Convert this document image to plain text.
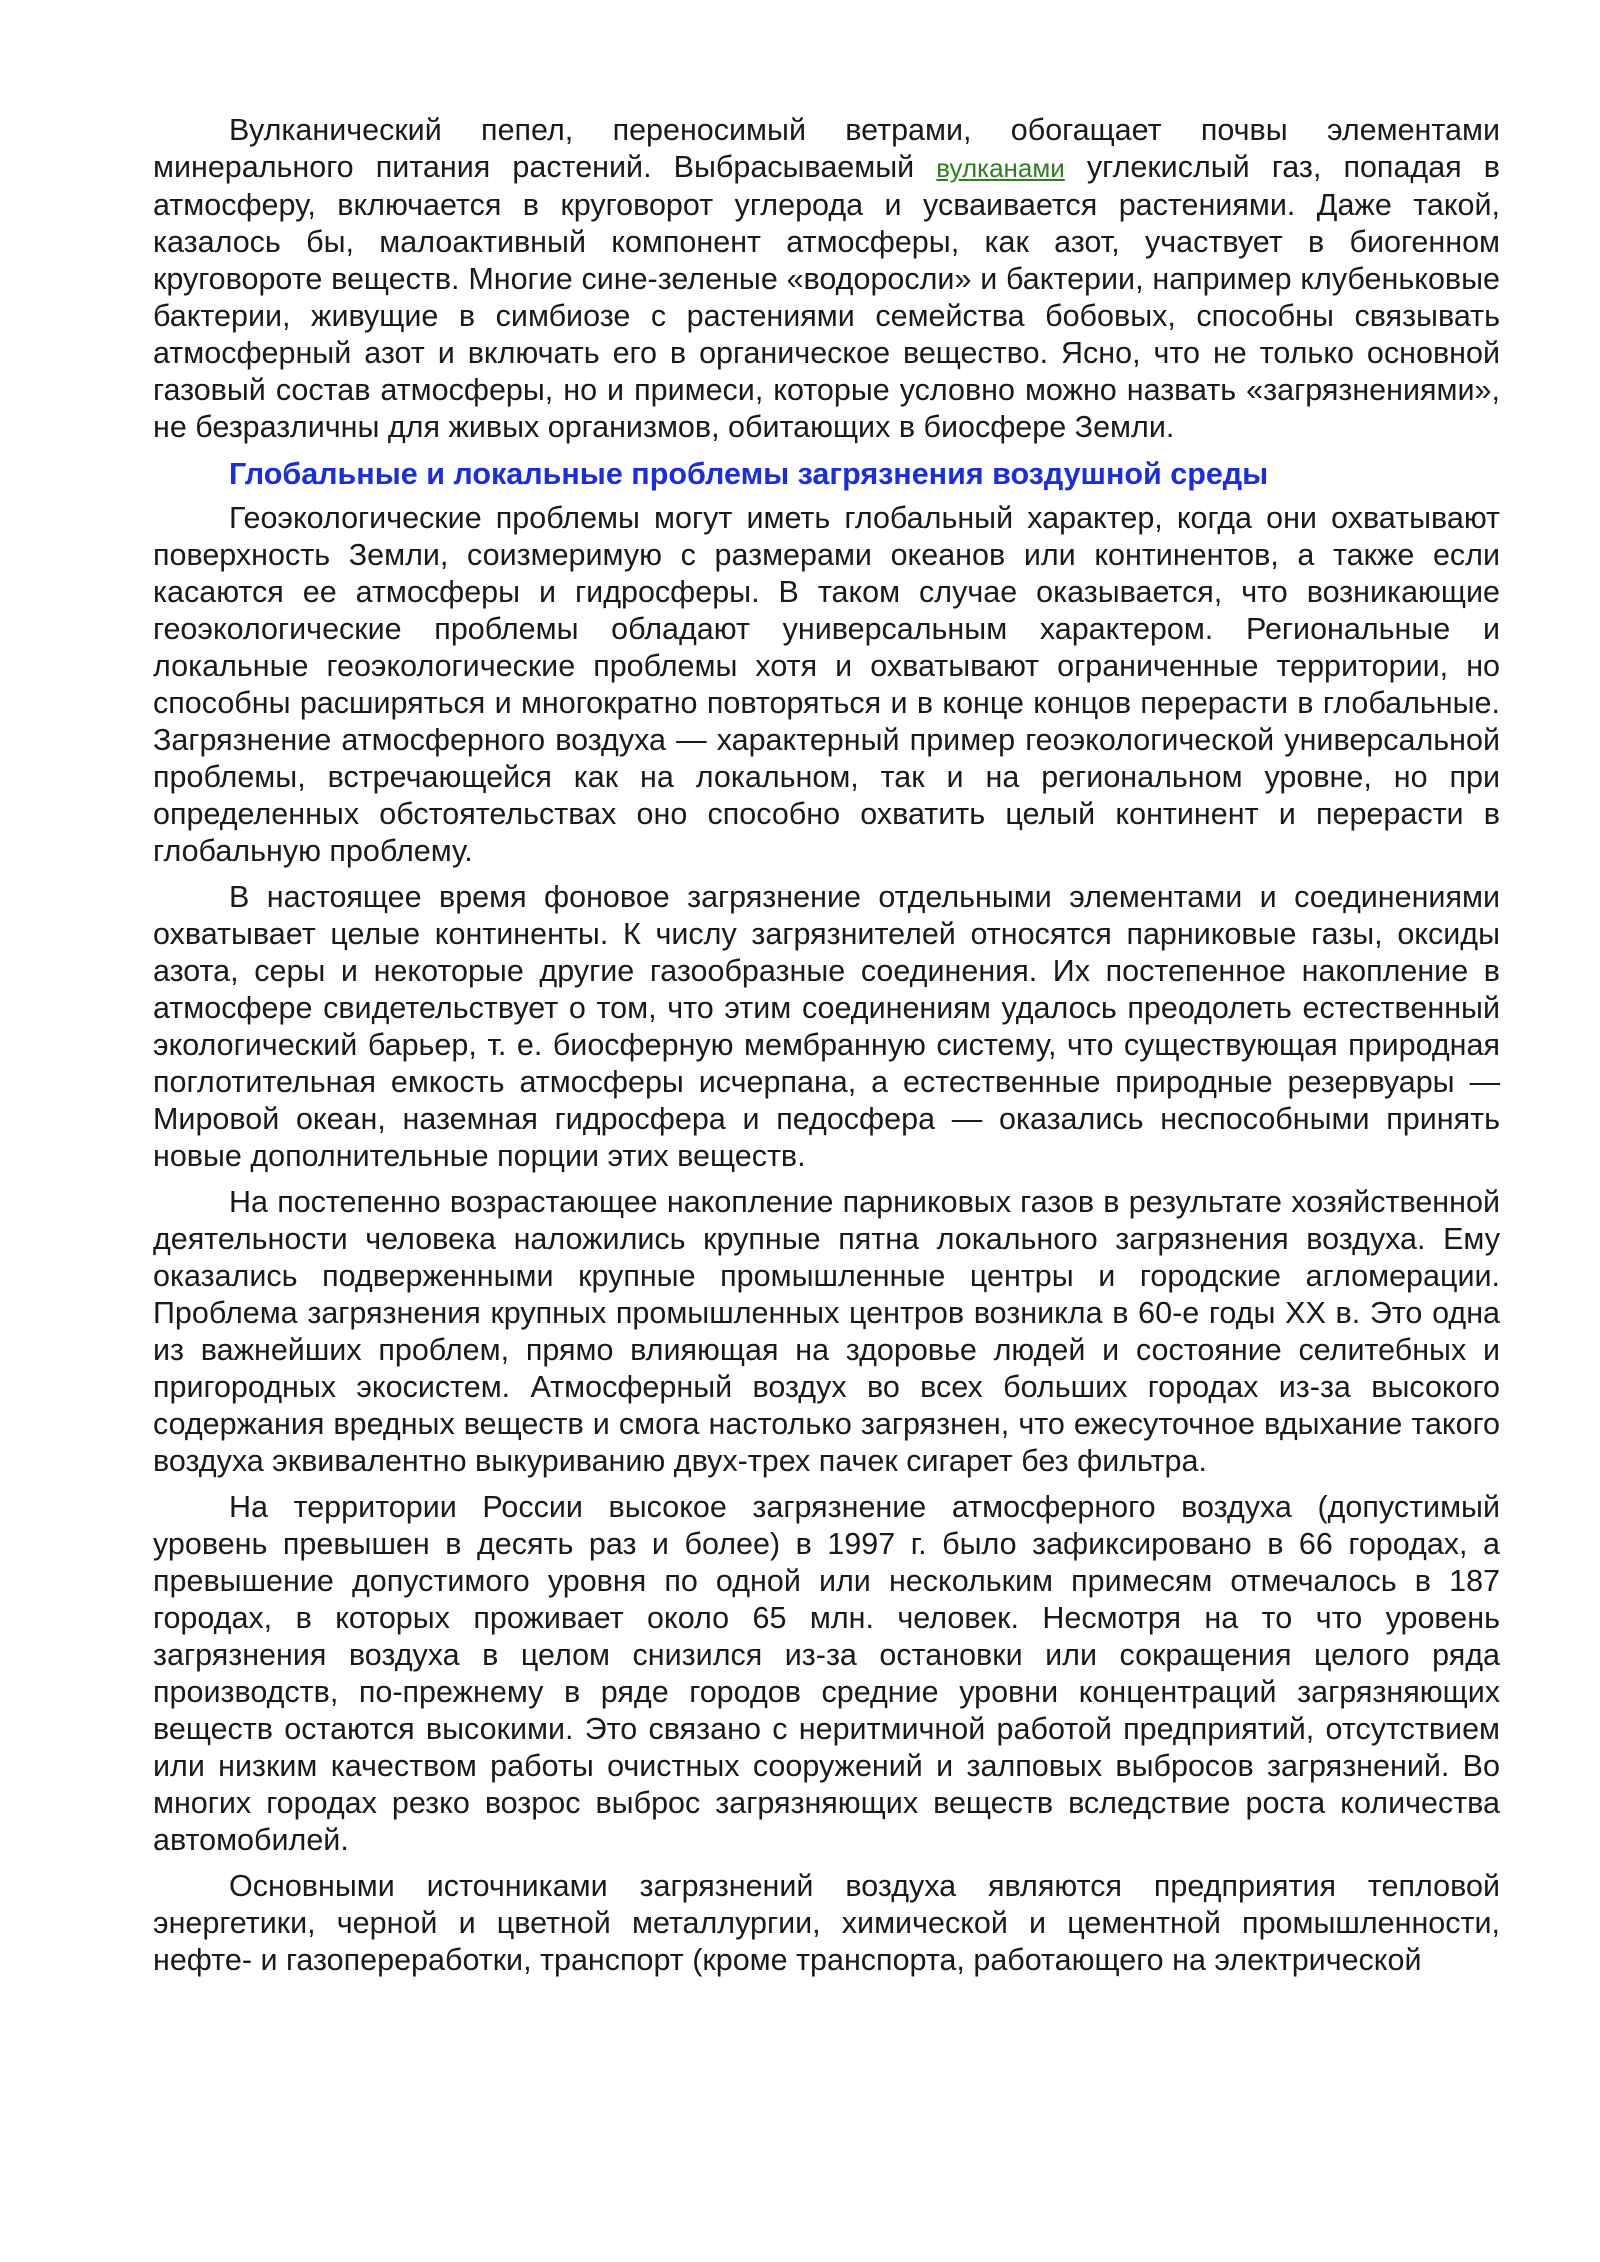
Вулканический пепел, переносимый ветрами, обогащает почвы элементами минерального питания растений. Выбрасываемый вулканами углекислый газ, попадая в атмосферу, включается в круговорот углерода и усваивается растениями. Даже такой, казалось бы, малоактивный компонент атмосферы, как азот, участвует в биогенном круговороте веществ. Многие сине-зеленые «водоросли» и бактерии, например клубеньковые бактерии, живущие в симбиозе с растениями семейства бобовых, способны связывать атмосферный азот и включать его в органическое вещество. Ясно, что не только основной газовый состав атмосферы, но и примеси, которые условно можно назвать «загрязнениями», не безразличны для живых организмов, обитающих в биосфере Земли.

Глобальные и локальные проблемы загрязнения воздушной среды

Геоэкологические проблемы могут иметь глобальный характер, когда они охватывают поверхность Земли, соизмеримую с размерами океанов или континентов, а также если касаются ее атмосферы и гидросферы. В таком случае оказывается, что возникающие геоэкологические проблемы обладают универсальным характером. Региональные и локальные геоэкологические проблемы хотя и охватывают ограниченные территории, но способны расширяться и многократно повторяться и в конце концов перерасти в глобальные. Загрязнение атмосферного воздуха — характерный пример геоэкологической универсальной проблемы, встречающейся как на локальном, так и на региональном уровне, но при определенных обстоятельствах оно способно охватить целый континент и перерасти в глобальную проблему.

В настоящее время фоновое загрязнение отдельными элементами и соединениями охватывает целые континенты. К числу загрязнителей относятся парниковые газы, оксиды азота, серы и некоторые другие газообразные соединения. Их постепенное накопление в атмосфере свидетельствует о том, что этим соединениям удалось преодолеть естественный экологический барьер, т. е. биосферную мембранную систему, что существующая природная поглотительная емкость атмосферы исчерпана, а естественные природные резервуары — Мировой океан, наземная гидросфера и педосфера — оказались неспособными принять новые дополнительные порции этих веществ.

На постепенно возрастающее накопление парниковых газов в результате хозяйственной деятельности человека наложились крупные пятна локального загрязнения воздуха. Ему оказались подверженными крупные промышленные центры и городские агломерации. Проблема загрязнения крупных промышленных центров возникла в 60-е годы XX в. Это одна из важнейших проблем, прямо влияющая на здоровье людей и состояние селитебных и пригородных экосистем. Атмосферный воздух во всех больших городах из-за высокого содержания вредных веществ и смога настолько загрязнен, что ежесуточное вдыхание такого воздуха эквивалентно выкуриванию двух-трех пачек сигарет без фильтра.

На территории России высокое загрязнение атмосферного воздуха (допустимый уровень превышен в десять раз и более) в 1997 г. было зафиксировано в 66 городах, а превышение допустимого уровня по одной или нескольким примесям отмечалось в 187 городах, в которых проживает около 65 млн. человек. Несмотря на то что уровень загрязнения воздуха в целом снизился из-за остановки или сокращения целого ряда производств, по-прежнему в ряде городов средние уровни концентраций загрязняющих веществ остаются высокими. Это связано с неритмичной работой предприятий, отсутствием или низким качеством работы очистных сооружений и залповых выбросов загрязнений. Во многих городах резко возрос выброс загрязняющих веществ вследствие роста количества автомобилей.

Основными источниками загрязнений воздуха являются предприятия тепловой энергетики, черной и цветной металлургии, химической и цементной промышленности, нефте- и газопереработки, транспорт (кроме транспорта, работающего на электрической
